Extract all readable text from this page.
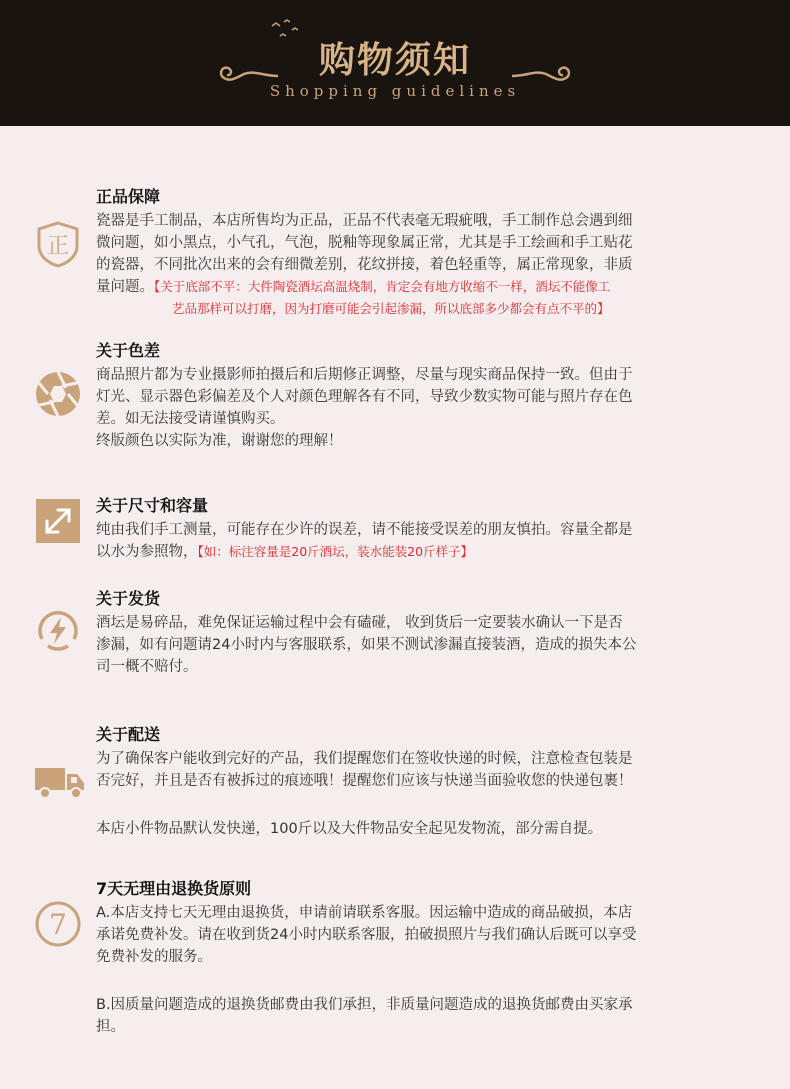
购物须知
Shopping guidelines
正
正品保障

瓷器是手工制品，本店所售均为正品，正品不代表毫无瑕疵哦，手工制作总会遇到细

微问题，如小黑点，小气孔，气泡，脱釉等现象属正常，尤其是手工绘画和手工贴花

的瓷器，不同批次出来的会有细微差别，花纹拼接，着色轻重等，属正常现象，非质

量问题。【关于底部不平：大件陶瓷酒坛高温烧制，肯定会有地方收缩不一样，酒坛不能像工

艺品那样可以打磨，因为打磨可能会引起渗漏，所以底部多少都会有点不平的】

关于色差

商品照片都为专业摄影师拍摄后和后期修正调整，尽量与现实商品保持一致。但由于

灯光、显示器色彩偏差及个人对颜色理解各有不同，导致少数实物可能与照片存在色

差。如无法接受请谨慎购买。

终版颜色以实际为准，谢谢您的理解！

关于尺寸和容量

纯由我们手工测量，可能存在少许的误差，请不能接受误差的朋友慎拍。容量全都是

以水为参照物，【如：标注容量是20斤酒坛，装水能装20斤样子】

关于发货

酒坛是易碎品，难免保证运输过程中会有磕碰， 收到货后一定要装水确认一下是否

渗漏，如有问题请24小时内与客服联系，如果不测试渗漏直接装酒，造成的损失本公

司一概不赔付。

关于配送

为了确保客户能收到完好的产品，我们提醒您们在签收快递的时候，注意检查包装是

否完好，并且是否有被拆过的痕迹哦！提醒您们应该与快递当面验收您的快递包裹！

本店小件物品默认发快递，100斤以及大件物品安全起见发物流，部分需自提。

7
7天无理由退换货原则

A.本店支持七天无理由退换货，申请前请联系客服。因运输中造成的商品破损，本店

承诺免费补发。请在收到货24小时内联系客服，拍破损照片与我们确认后既可以享受

免费补发的服务。

B.因质量问题造成的退换货邮费由我们承担，非质量问题造成的退换货邮费由买家承

担。
